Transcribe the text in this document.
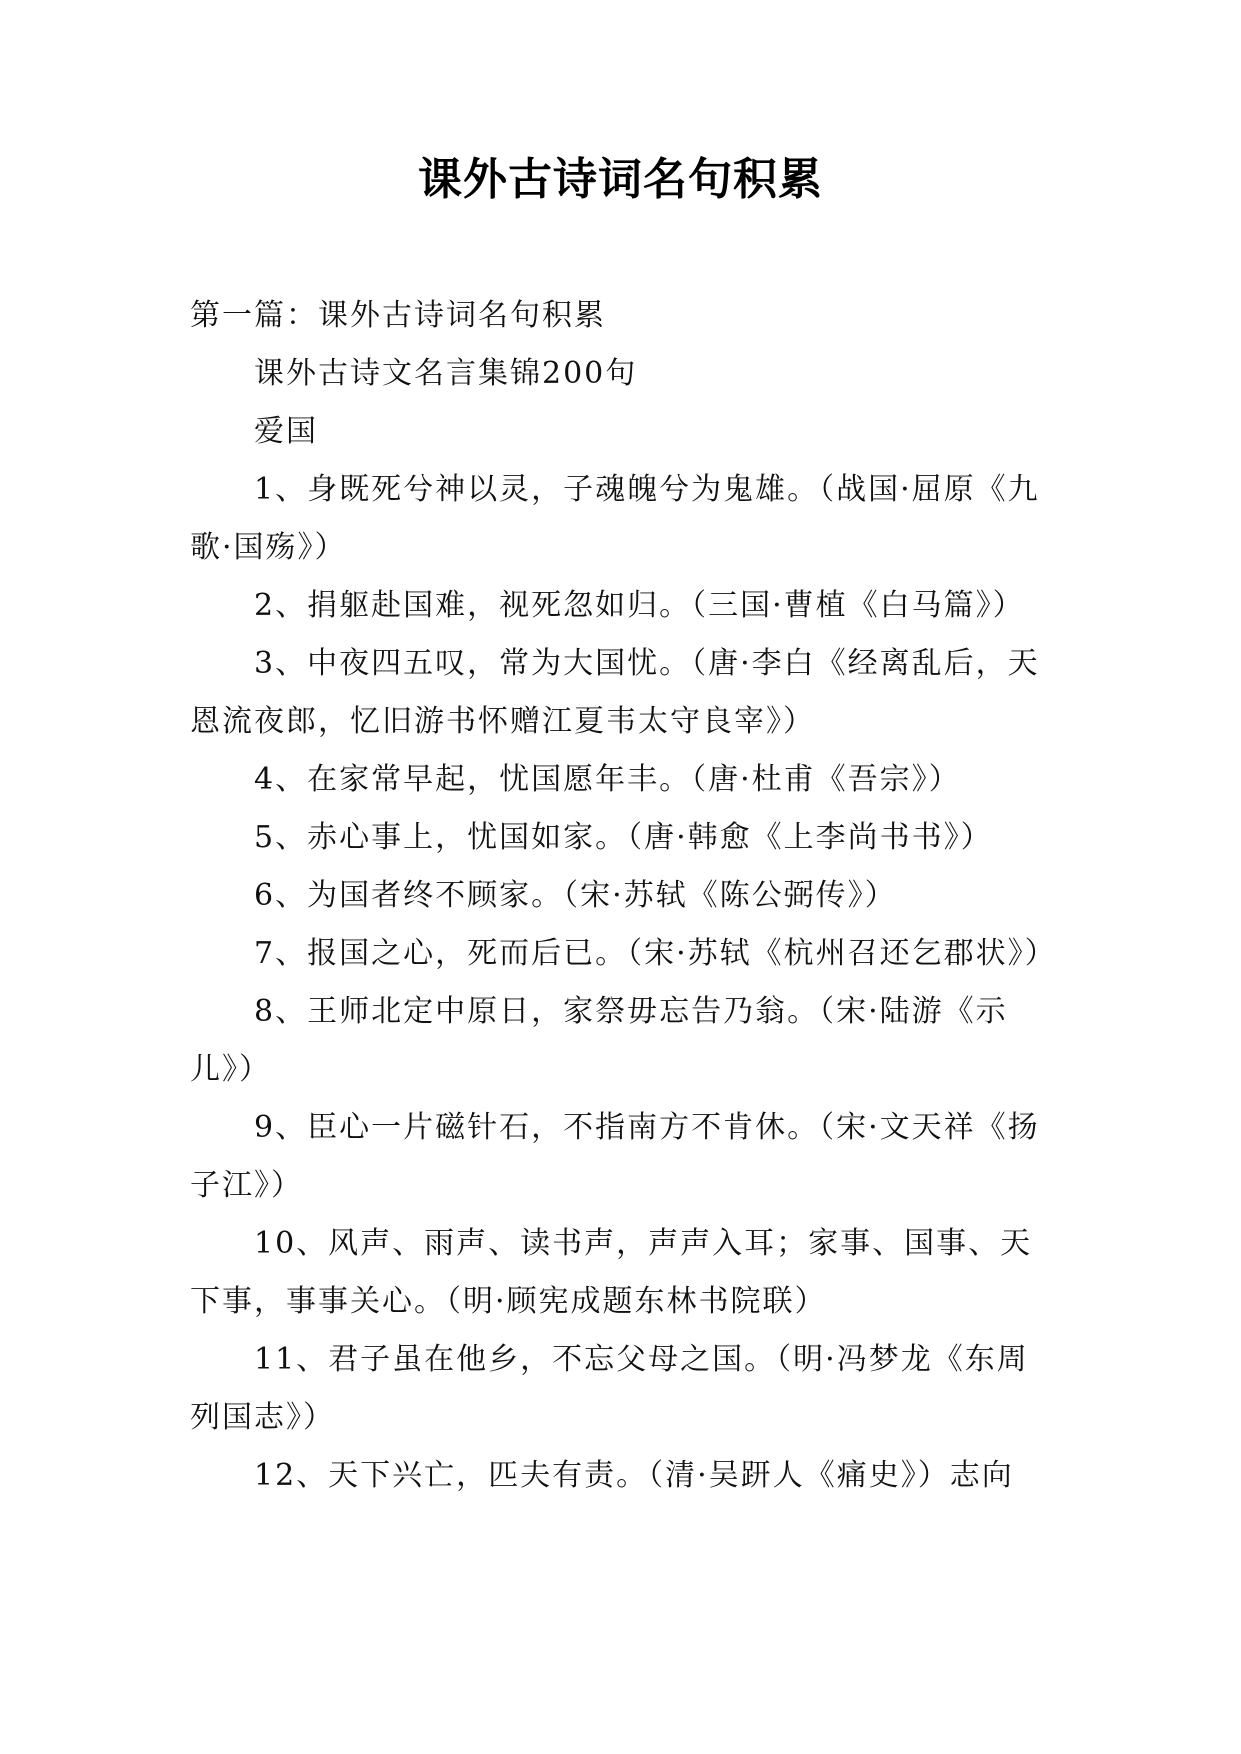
课外古诗词名句积累

第一篇：课外古诗词名句积累

课外古诗文名言集锦200句

爱国

1、身既死兮神以灵，子魂魄兮为鬼雄。（战国·屈原《九歌·国殇》）

2、捐躯赴国难，视死忽如归。（三国·曹植《白马篇》）

3、中夜四五叹，常为大国忧。（唐·李白《经离乱后，天恩流夜郎，忆旧游书怀赠江夏韦太守良宰》）

4、在家常早起，忧国愿年丰。（唐·杜甫《吾宗》）

5、赤心事上，忧国如家。（唐·韩愈《上李尚书书》）

6、为国者终不顾家。（宋·苏轼《陈公弼传》）

7、报国之心，死而后已。（宋·苏轼《杭州召还乞郡状》）

8、王师北定中原日，家祭毋忘告乃翁。（宋·陆游《示儿》）

9、臣心一片磁针石，不指南方不肯休。（宋·文天祥《扬子江》）

10、风声、雨声、读书声，声声入耳；家事、国事、天下事，事事关心。（明·顾宪成题东林书院联）

11、君子虽在他乡，不忘父母之国。（明·冯梦龙《东周列国志》）

12、天下兴亡，匹夫有责。（清·吴趼人《痛史》）志向
